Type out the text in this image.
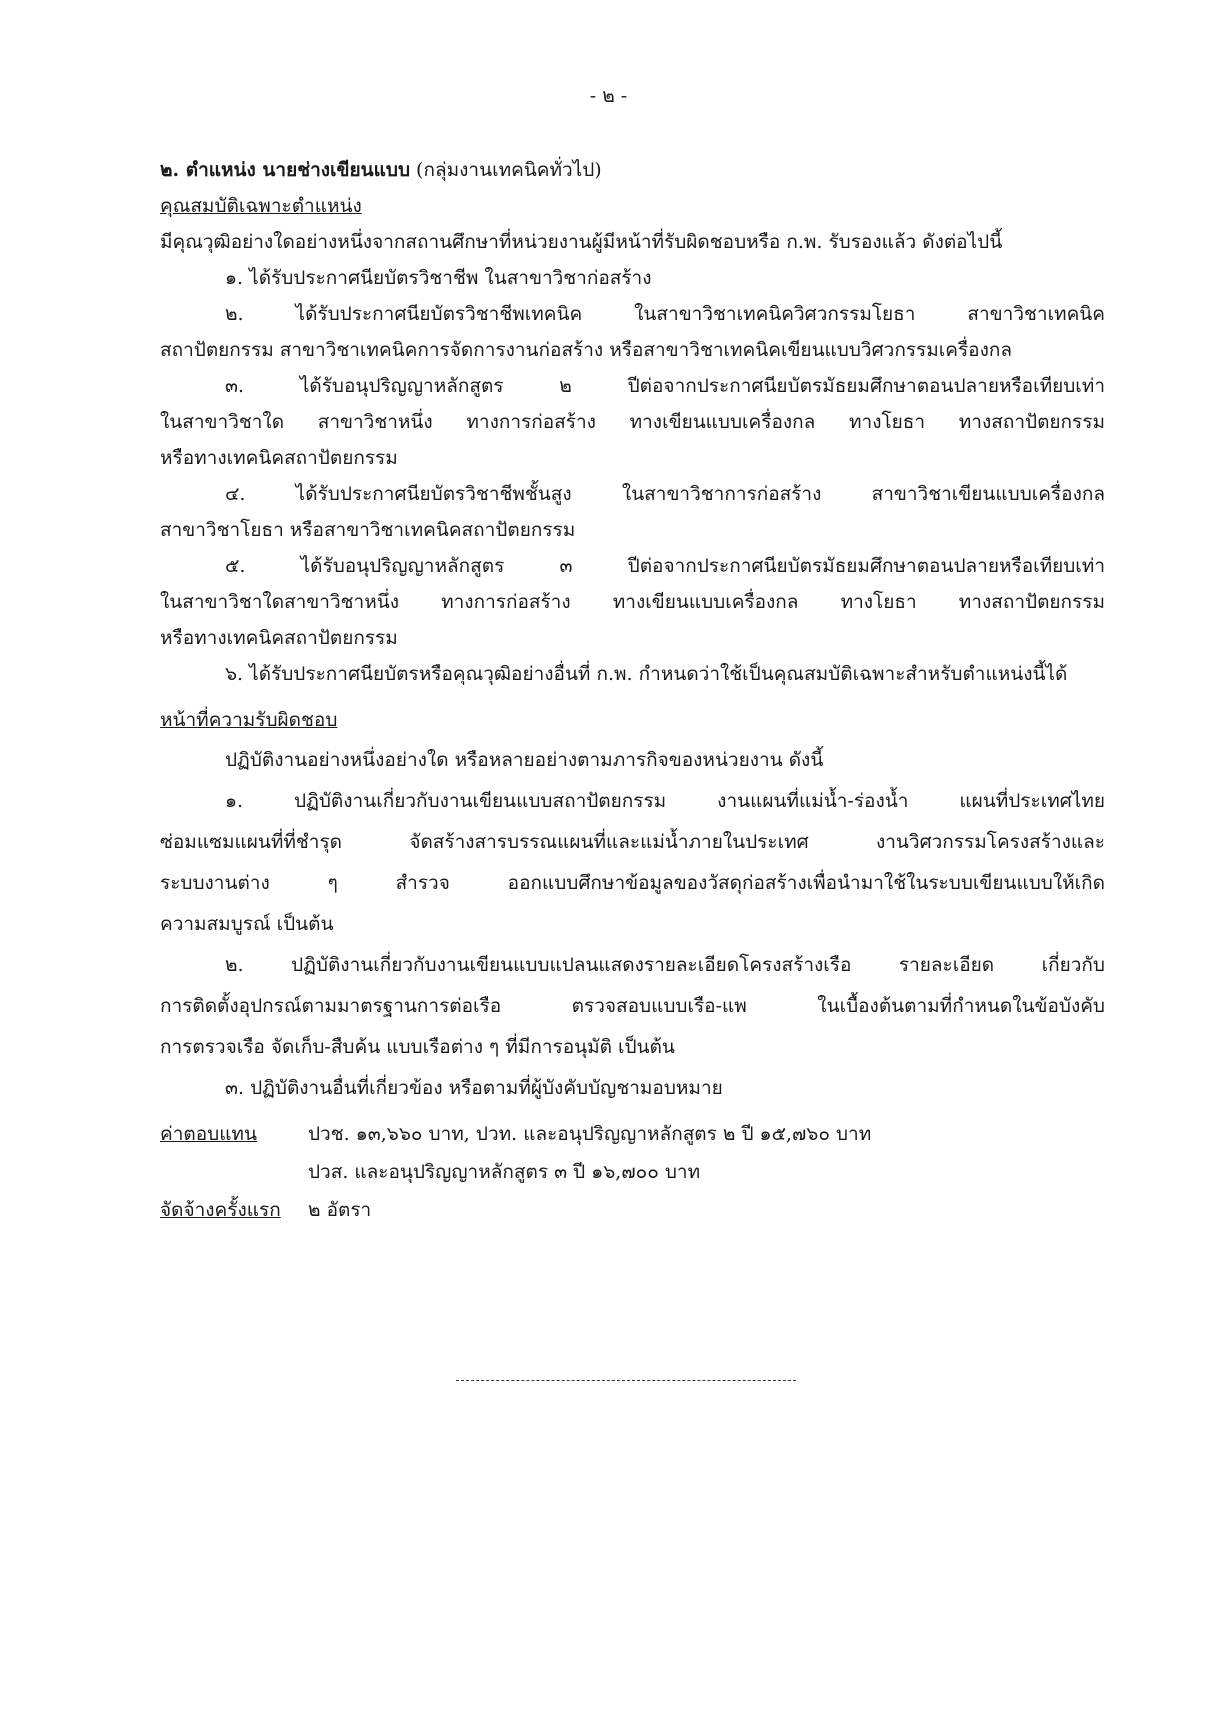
- ๒ -
๒. ตำแหน่ง นายช่างเขียนแบบ (กลุ่มงานเทคนิคทั่วไป)
คุณสมบัติเฉพาะตำแหน่ง
มีคุณวุฒิอย่างใดอย่างหนึ่งจากสถานศึกษาที่หน่วยงานผู้มีหน้าที่รับผิดชอบหรือ ก.พ. รับรองแล้ว ดังต่อไปนี้
๑. ได้รับประกาศนียบัตรวิชาชีพ ในสาขาวิชาก่อสร้าง
๒. ได้รับประกาศนียบัตรวิชาชีพเทคนิค ในสาขาวิชาเทคนิควิศวกรรมโยธา สาขาวิชาเทคนิค
สถาปัตยกรรม สาขาวิชาเทคนิคการจัดการงานก่อสร้าง หรือสาขาวิชาเทคนิคเขียนแบบวิศวกรรมเครื่องกล
๓. ได้รับอนุปริญญาหลักสูตร ๒ ปีต่อจากประกาศนียบัตรมัธยมศึกษาตอนปลายหรือเทียบเท่า
ในสาขาวิชาใด สาขาวิชาหนึ่ง ทางการก่อสร้าง ทางเขียนแบบเครื่องกล ทางโยธา ทางสถาปัตยกรรม
หรือทางเทคนิคสถาปัตยกรรม
๔. ได้รับประกาศนียบัตรวิชาชีพชั้นสูง ในสาขาวิชาการก่อสร้าง สาขาวิชาเขียนแบบเครื่องกล
สาขาวิชาโยธา หรือสาขาวิชาเทคนิคสถาปัตยกรรม
๕. ได้รับอนุปริญญาหลักสูตร ๓ ปีต่อจากประกาศนียบัตรมัธยมศึกษาตอนปลายหรือเทียบเท่า
ในสาขาวิชาใดสาขาวิชาหนึ่ง ทางการก่อสร้าง ทางเขียนแบบเครื่องกล ทางโยธา ทางสถาปัตยกรรม
หรือทางเทคนิคสถาปัตยกรรม
๖. ได้รับประกาศนียบัตรหรือคุณวุฒิอย่างอื่นที่ ก.พ. กำหนดว่าใช้เป็นคุณสมบัติเฉพาะสำหรับตำแหน่งนี้ได้
หน้าที่ความรับผิดชอบ
ปฏิบัติงานอย่างหนึ่งอย่างใด หรือหลายอย่างตามภารกิจของหน่วยงาน ดังนี้
๑. ปฏิบัติงานเกี่ยวกับงานเขียนแบบสถาปัตยกรรม งานแผนที่แม่น้ำ-ร่องน้ำ แผนที่ประเทศไทย
ซ่อมแซมแผนที่ที่ชำรุด จัดสร้างสารบรรณแผนที่และแม่น้ำภายในประเทศ งานวิศวกรรมโครงสร้างและ
ระบบงานต่าง ๆ สำรวจ ออกแบบศึกษาข้อมูลของวัสดุก่อสร้างเพื่อนำมาใช้ในระบบเขียนแบบให้เกิด
ความสมบูรณ์ เป็นต้น
๒. ปฏิบัติงานเกี่ยวกับงานเขียนแบบแปลนแสดงรายละเอียดโครงสร้างเรือ รายละเอียด เกี่ยวกับ
การติดตั้งอุปกรณ์ตามมาตรฐานการต่อเรือ ตรวจสอบแบบเรือ-แพ ในเบื้องต้นตามที่กำหนดในข้อบังคับ
การตรวจเรือ จัดเก็บ-สืบค้น แบบเรือต่าง ๆ ที่มีการอนุมัติ เป็นต้น
๓. ปฏิบัติงานอื่นที่เกี่ยวข้อง หรือตามที่ผู้บังคับบัญชามอบหมาย
ค่าตอบแทน	ปวช. ๑๓,๖๖๐ บาท, ปวท. และอนุปริญญาหลักสูตร ๒ ปี ๑๕,๗๖๐ บาท
ปวส. และอนุปริญญาหลักสูตร ๓ ปี ๑๖,๗๐๐ บาท
จัดจ้างครั้งแรก	๒ อัตรา
